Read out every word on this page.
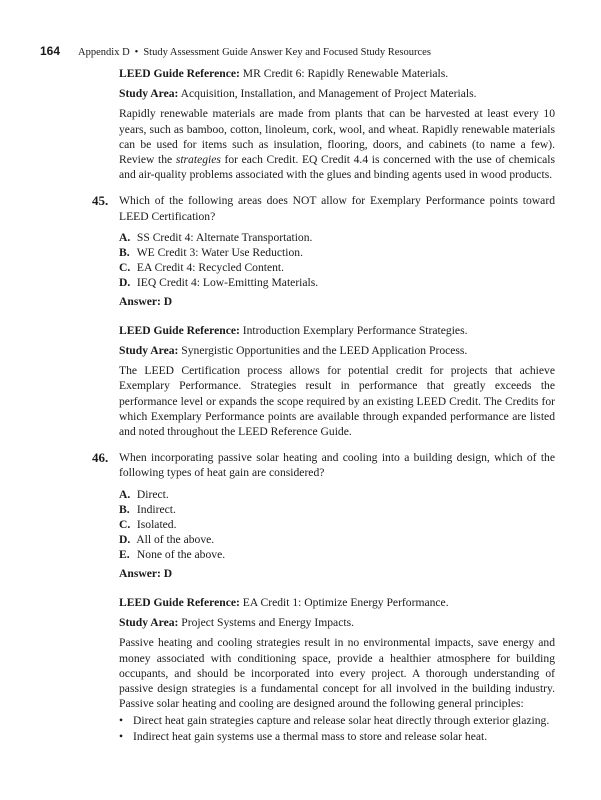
164 Appendix D • Study Assessment Guide Answer Key and Focused Study Resources

LEED Guide Reference: MR Credit 6: Rapidly Renewable Materials.

Study Area: Acquisition, Installation, and Management of Project Materials.

Rapidly renewable materials are made from plants that can be harvested at least every 10 years, such as bamboo, cotton, linoleum, cork, wool, and wheat. Rapidly renewable materials can be used for items such as insulation, flooring, doors, and cabinets (to name a few). Review the strategies for each Credit. EQ Credit 4.4 is concerned with the use of chemicals and air-quality problems associated with the glues and binding agents used in wood products.

45. Which of the following areas does NOT allow for Exemplary Performance points toward LEED Certification?

A. SS Credit 4: Alternate Transportation.
B. WE Credit 3: Water Use Reduction.
C. EA Credit 4: Recycled Content.
D. IEQ Credit 4: Low-Emitting Materials.

Answer: D

LEED Guide Reference: Introduction Exemplary Performance Strategies.

Study Area: Synergistic Opportunities and the LEED Application Process.

The LEED Certification process allows for potential credit for projects that achieve Exemplary Performance. Strategies result in performance that greatly exceeds the performance level or expands the scope required by an existing LEED Credit. The Credits for which Exemplary Performance points are available through expanded performance are listed and noted throughout the LEED Reference Guide.

46. When incorporating passive solar heating and cooling into a building design, which of the following types of heat gain are considered?

A. Direct.
B. Indirect.
C. Isolated.
D. All of the above.
E. None of the above.

Answer: D

LEED Guide Reference: EA Credit 1: Optimize Energy Performance.

Study Area: Project Systems and Energy Impacts.

Passive heating and cooling strategies result in no environmental impacts, save energy and money associated with conditioning space, provide a healthier atmosphere for building occupants, and should be incorporated into every project. A thorough understanding of passive design strategies is a fundamental concept for all involved in the building industry. Passive solar heating and cooling are designed around the following general principles:

• Direct heat gain strategies capture and release solar heat directly through exterior glazing.
• Indirect heat gain systems use a thermal mass to store and release solar heat.
